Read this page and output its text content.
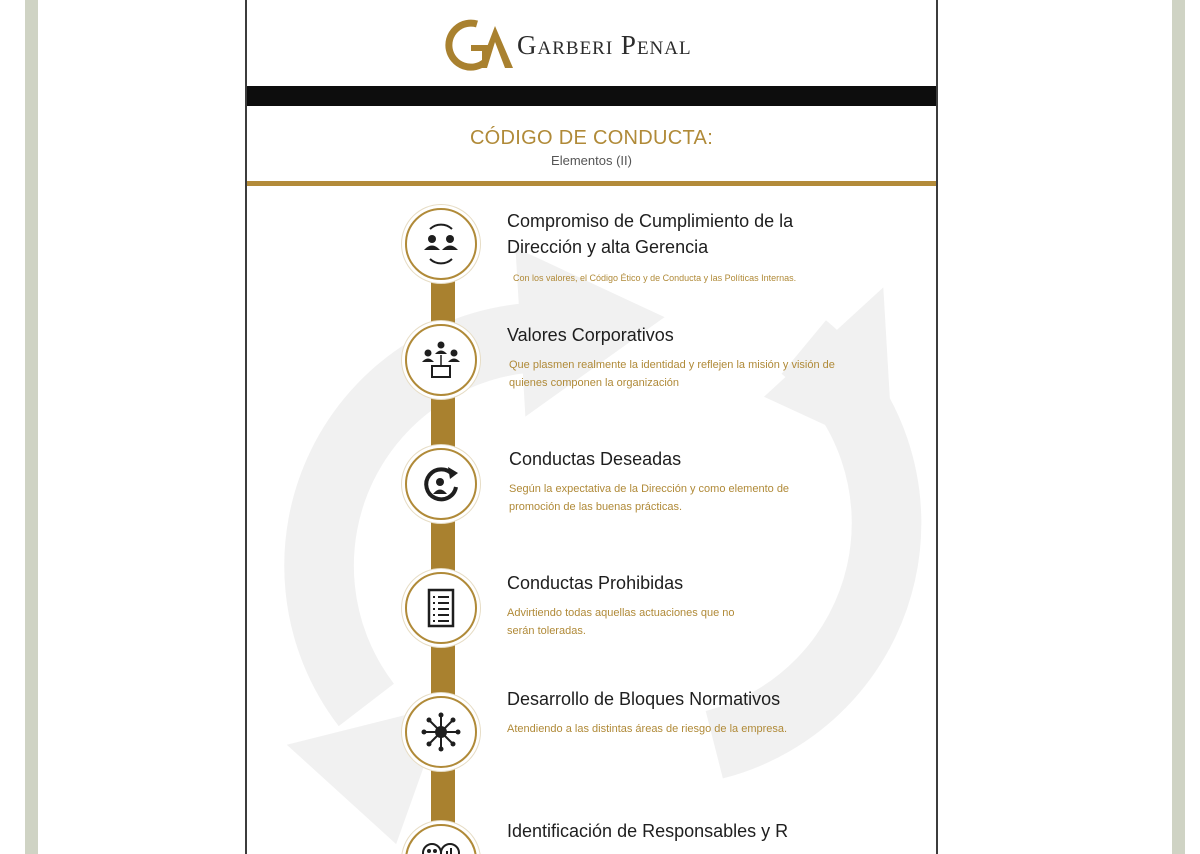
Garberi Penal
CÓDIGO DE CONDUCTA:
Elementos (II)
Compromiso de Cumplimiento de la Dirección y alta Gerencia
Con los valores, el Código Ético y de Conducta y las Políticas Internas.
Valores Corporativos
Que plasmen realmente la identidad y reflejen la misión y visión de quienes componen la organización
Conductas Deseadas
Según la expectativa de la Dirección y como elemento de promoción de las buenas prácticas.
Conductas Prohibidas
Advirtiendo todas aquellas actuaciones que no serán toleradas.
Desarrollo de Bloques Normativos
Atendiendo a las distintas áreas de riesgo de la empresa.
Identificación de Responsables y R
